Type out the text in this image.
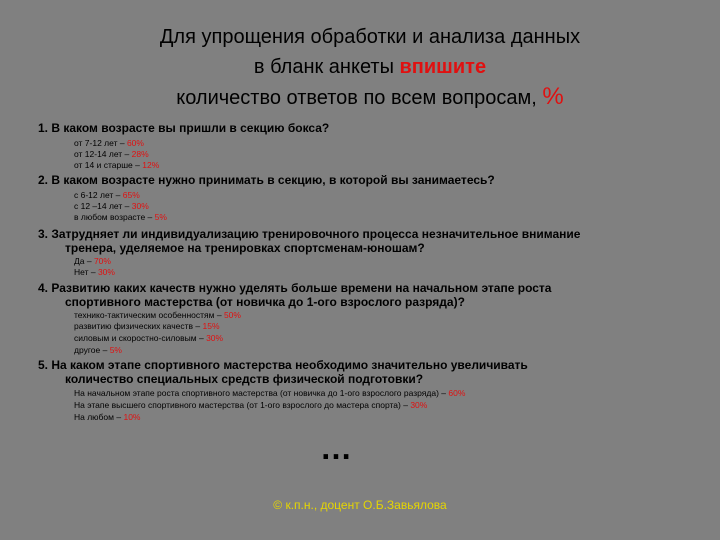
Для упрощения обработки и анализа данных
в бланк анкеты впишите
количество ответов по всем вопросам, %
1. В каком возрасте вы пришли в секцию бокса?
от 7-12 лет – 60%
от 12-14 лет – 28%
от 14 и старше – 12%
2. В каком возрасте нужно принимать в секцию, в которой вы занимаетесь?
с 6-12 лет – 65%
с 12 –14 лет – 30%
в любом возрасте – 5%
3. Затрудняет ли индивидуализацию тренировочного процесса незначительное внимание
тренера, уделяемое на тренировках спортсменам-юношам?
Да – 70%
Нет – 30%
4. Развитию каких качеств нужно уделять больше времени на начальном этапе роста
спортивного мастерства (от новичка до 1-ого взрослого разряда)?
технико-тактическим особенностям – 50%
развитию физических качеств – 15%
силовым и скоростно-силовым – 30%
другое – 5%
5. На каком этапе спортивного мастерства необходимо значительно увеличивать
количество специальных средств физической подготовки?
На начальном этапе роста спортивного мастерства (от новичка до 1-ого взрослого разряда) – 60%
На этапе высшего спортивного мастерства (от 1-ого взрослого до мастера спорта) – 30%
На любом – 10%
…
© к.п.н., доцент О.Б.Завьялова
